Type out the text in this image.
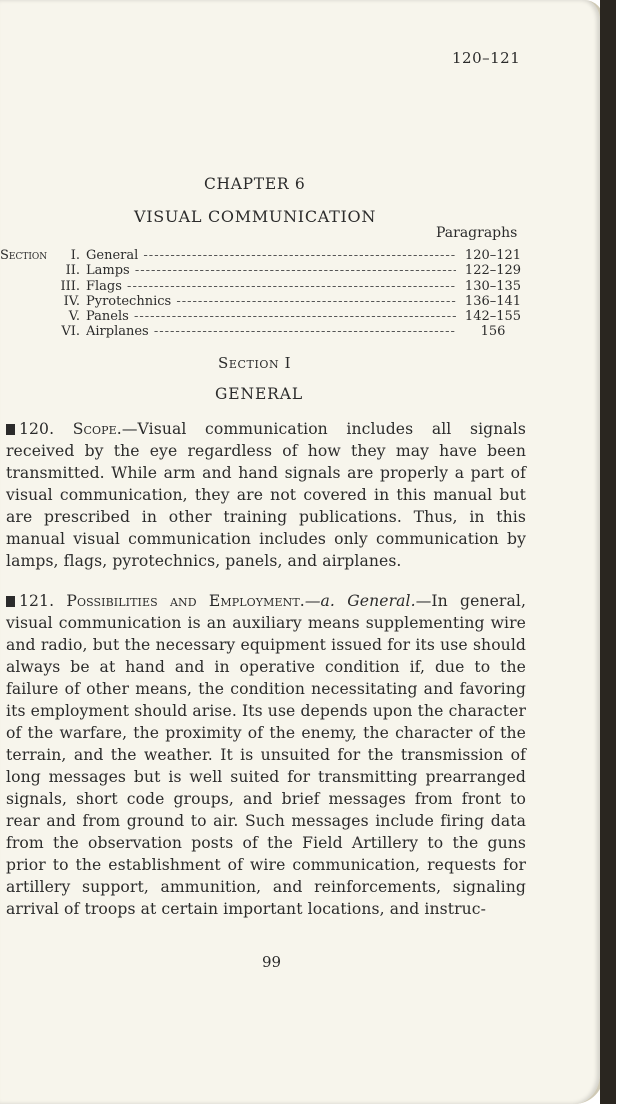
120–121
CHAPTER 6
VISUAL COMMUNICATION
Paragraphs
Section	I. General -----	120–121
II. Lamps -----	122–129
III. Flags -----	130–135
IV. Pyrotechnics -----	136–141
V. Panels -----	142–155
VI. Airplanes -----	156
Section I
GENERAL

120. Scope.—Visual communication includes all signals received by the eye regardless of how they may have been transmitted. While arm and hand signals are properly a part of visual communication, they are not covered in this manual but are prescribed in other training publications. Thus, in this manual visual communication includes only communication by lamps, flags, pyrotechnics, panels, and airplanes.

121. Possibilities and Employment.—a. General.—In general, visual communication is an auxiliary means supplementing wire and radio, but the necessary equipment issued for its use should always be at hand and in operative condition if, due to the failure of other means, the condition necessitating and favoring its employment should arise. Its use depends upon the character of the warfare, the proximity of the enemy, the character of the terrain, and the weather. It is unsuited for the transmission of long messages but is well suited for transmitting prearranged signals, short code groups, and brief messages from front to rear and from ground to air. Such messages include firing data from the observation posts of the Field Artillery to the guns prior to the establishment of wire communication, requests for artillery support, ammunition, and reinforcements, signaling arrival of troops at certain important locations, and instruc-

99
